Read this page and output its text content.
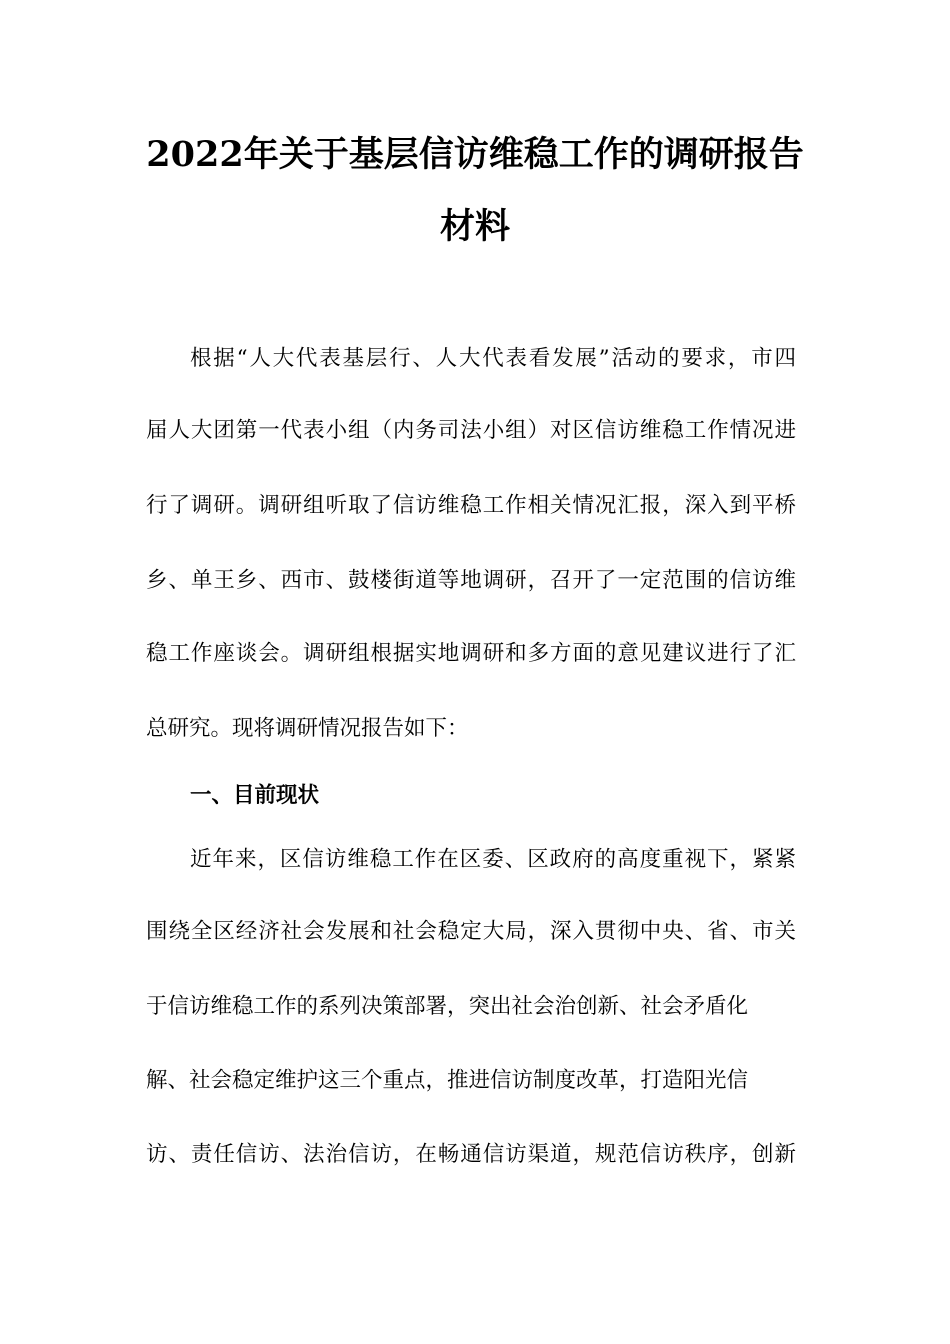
2022年关于基层信访维稳工作的调研报告
材料
根据“人大代表基层行、人大代表看发展”活动的要求，市四
届人大团第一代表小组（内务司法小组）对区信访维稳工作情况进
行了调研。调研组听取了信访维稳工作相关情况汇报，深入到平桥
乡、单王乡、西市、鼓楼街道等地调研，召开了一定范围的信访维
稳工作座谈会。调研组根据实地调研和多方面的意见建议进行了汇
总研究。现将调研情况报告如下：
一、目前现状
近年来，区信访维稳工作在区委、区政府的高度重视下，紧紧
围绕全区经济社会发展和社会稳定大局，深入贯彻中央、省、市关
于信访维稳工作的系列决策部署，突出社会治创新、社会矛盾化
解、社会稳定维护这三个重点，推进信访制度改革，打造阳光信
访、责任信访、法治信访，在畅通信访渠道，规范信访秩序，创新
